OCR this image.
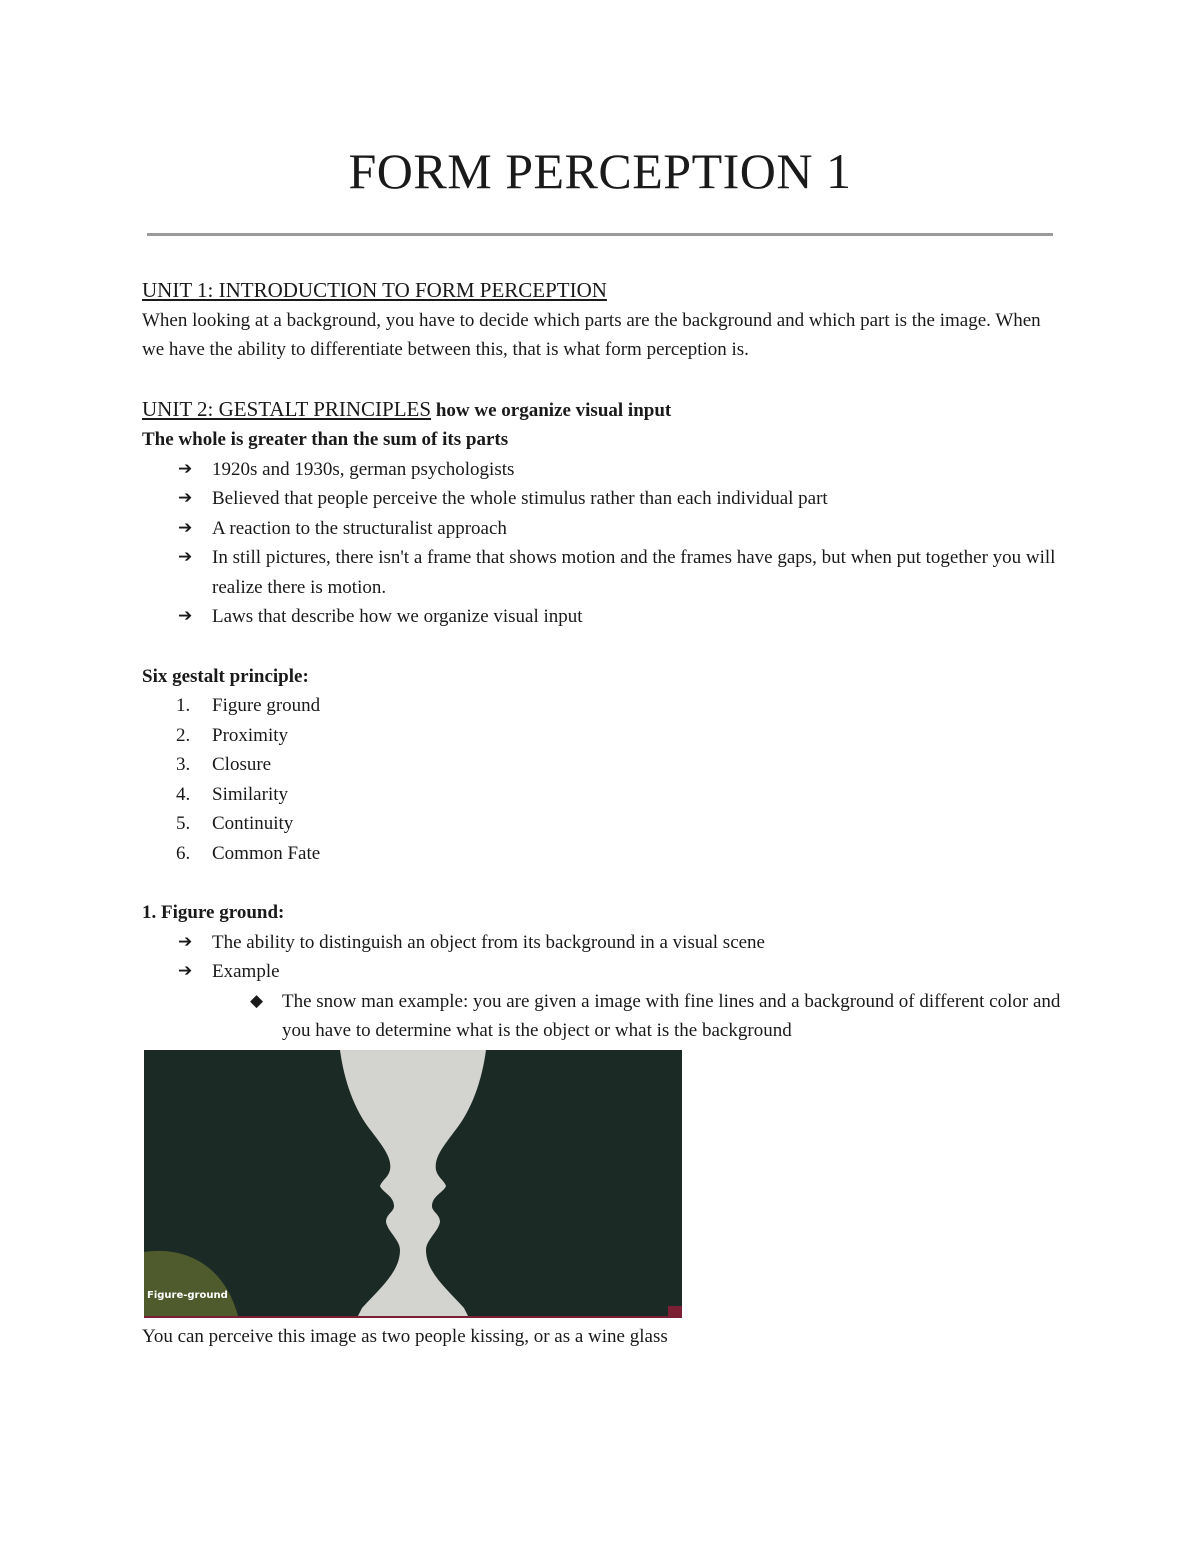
FORM PERCEPTION 1

UNIT 1: INTRODUCTION TO FORM PERCEPTION

When looking at a background, you have to decide which parts are the background and which part is the image. When we have the ability to differentiate between this, that is what form perception is.

UNIT 2: GESTALT PRINCIPLES how we organize visual input

The whole is greater than the sum of its parts

➔ 1920s and 1930s, german psychologists
➔ Believed that people perceive the whole stimulus rather than each individual part
➔ A reaction to the structuralist approach
➔ In still pictures, there isn't a frame that shows motion and the frames have gaps, but when put together you will realize there is motion.
➔ Laws that describe how we organize visual input

Six gestalt principle:

1. Figure ground
2. Proximity
3. Closure
4. Similarity
5. Continuity
6. Common Fate

1. Figure ground:

➔ The ability to distinguish an object from its background in a visual scene
➔ Example
◆ The snow man example: you are given a image with fine lines and a background of different color and you have to determine what is the object or what is the background
Figure-ground

You can perceive this image as two people kissing, or as a wine glass
